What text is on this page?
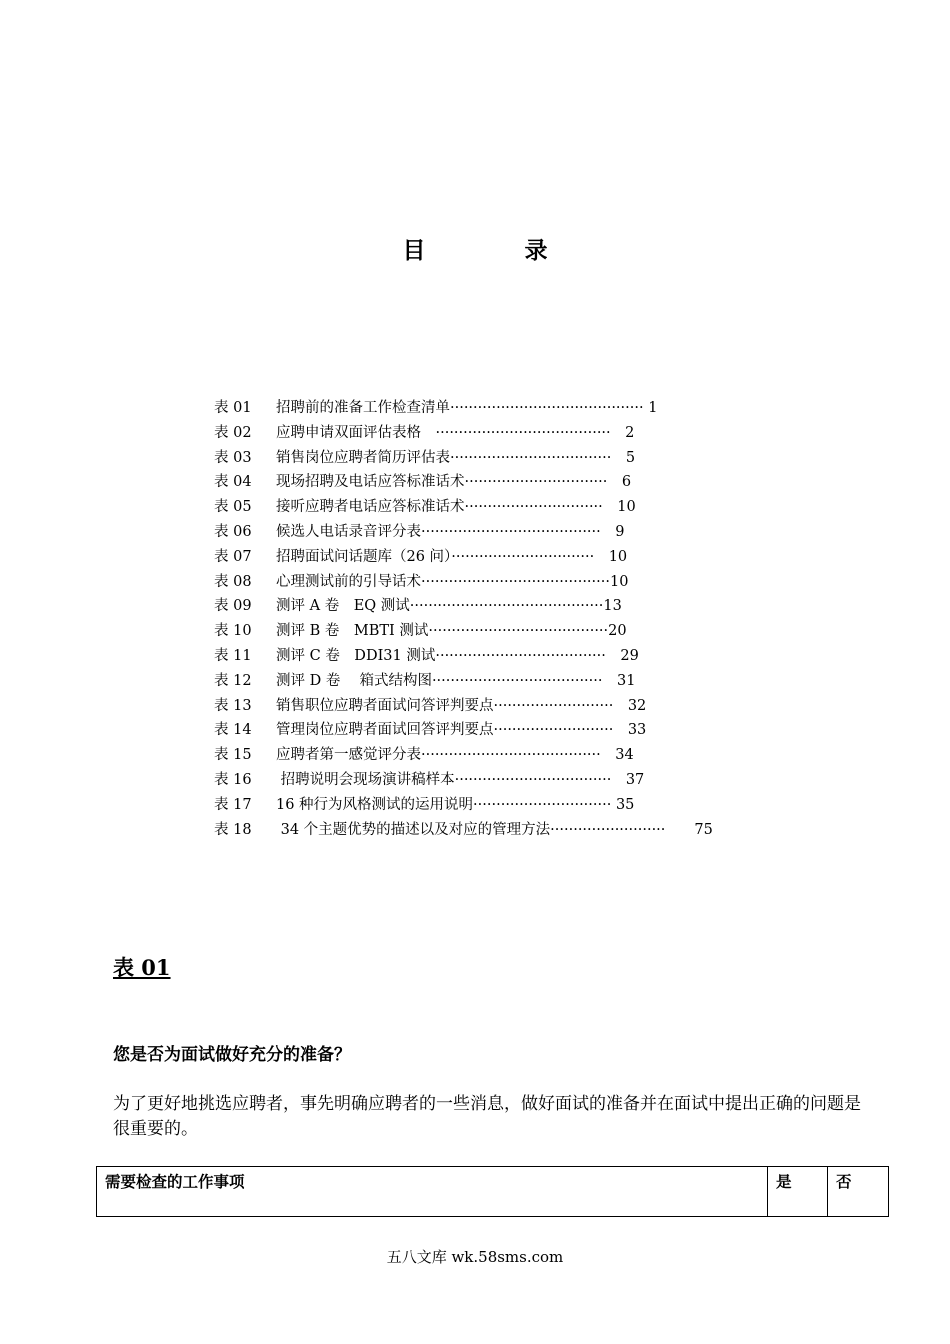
目　录
表 01 招聘前的准备工作检查清单·········································· 1
表 02 应聘申请双面评估表格　······································　2
表 03 销售岗位应聘者简历评估表···································　5
表 04 现场招聘及电话应答标准话术·······························　6
表 05 接听应聘者电话应答标准话术······························　10
表 06 候选人电话录音评分表·······································　9
表 07 招聘面试问话题库（26 问）·······························　10
表 08 心理测试前的引导话术·········································10
表 09 测评 A 卷　EQ 测试··········································13
表 10 测评 B 卷　MBTI 测试·······································20
表 11 测评 C 卷　DDI31 测试·····································　29
表 12 测评 D 卷　 箱式结构图·····································　31
表 13 销售职位应聘者面试问答评判要点··························　32
表 14 管理岗位应聘者面试回答评判要点··························　33
表 15 应聘者第一感觉评分表·······································　34
表 16 招聘说明会现场演讲稿样本··································　37
表 17 16 种行为风格测试的运用说明······························ 35
表 18 34 个主题优势的描述以及对应的管理方法·························　　75
表 01
您是否为面试做好充分的准备？
为了更好地挑选应聘者，事先明确应聘者的一些消息，做好面试的准备并在面试中提出正确的问题是很重要的。
需要检查的工作事项	是	否
五八文库 wk.58sms.com
